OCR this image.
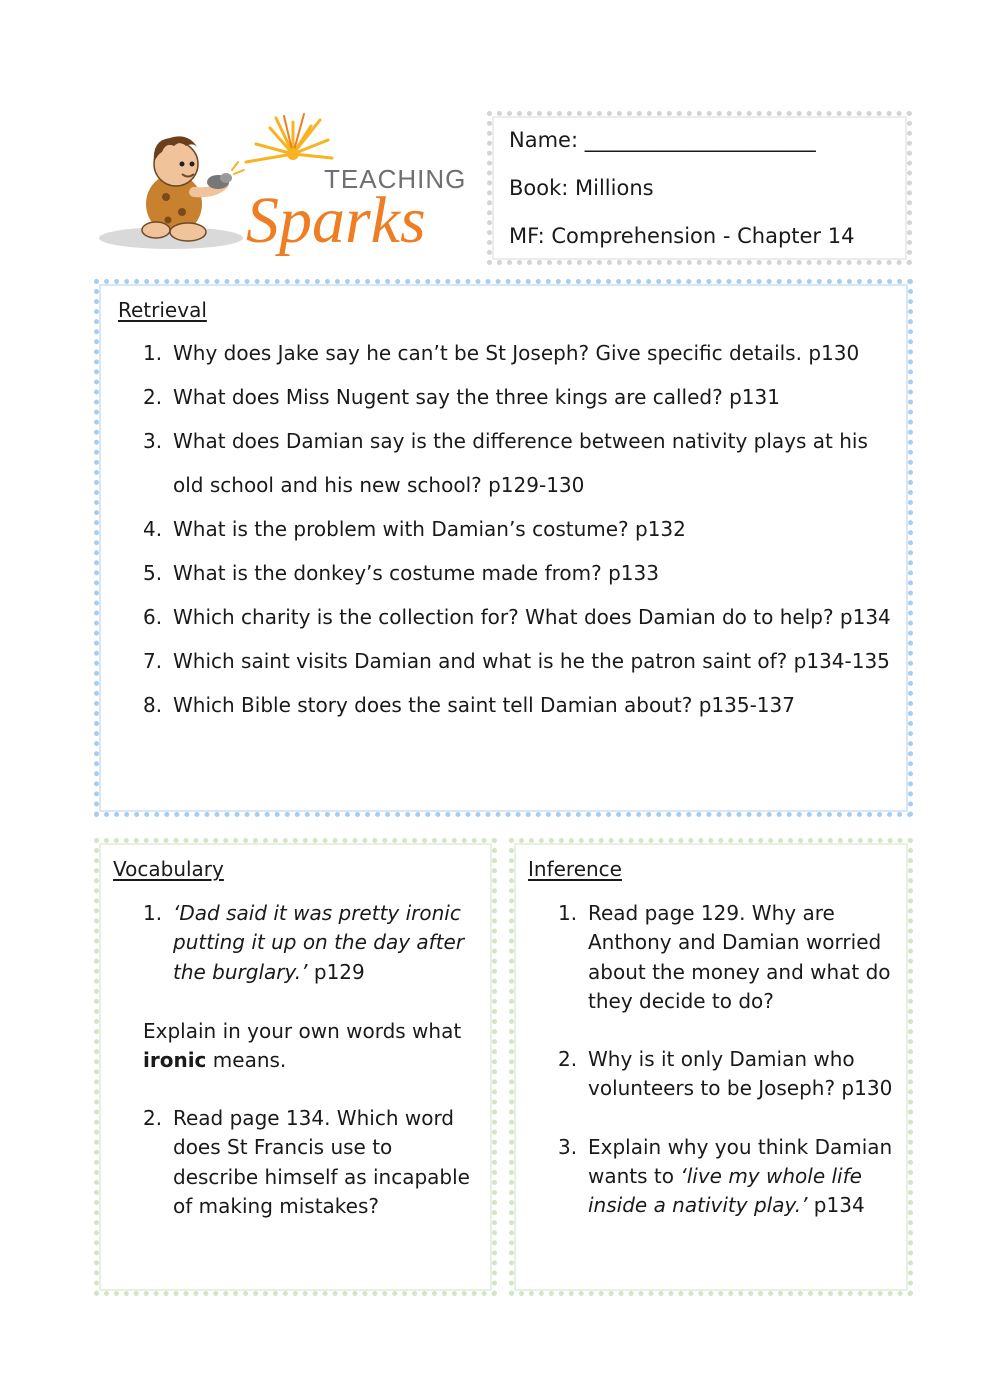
TEACHING
Sparks
Name: ______________________
Book: Millions
MF: Comprehension - Chapter 14
Retrieval
1. Why does Jake say he can’t be St Joseph? Give specific details. p130
2. What does Miss Nugent say the three kings are called? p131
3. What does Damian say is the difference between nativity plays at his old school and his new school? p129-130
4. What is the problem with Damian’s costume? p132
5. What is the donkey’s costume made from? p133
6. Which charity is the collection for? What does Damian do to help? p134
7. Which saint visits Damian and what is he the patron saint of? p134-135
8. Which Bible story does the saint tell Damian about? p135-137
Vocabulary
1. ‘Dad said it was pretty ironic putting it up on the day after the burglary.’ p129
Explain in your own words what ironic means.
2. Read page 134. Which word does St Francis use to describe himself as incapable of making mistakes?
Inference
1. Read page 129. Why are Anthony and Damian worried about the money and what do they decide to do?
2. Why is it only Damian who volunteers to be Joseph? p130
3. Explain why you think Damian wants to ‘live my whole life inside a nativity play.’ p134
